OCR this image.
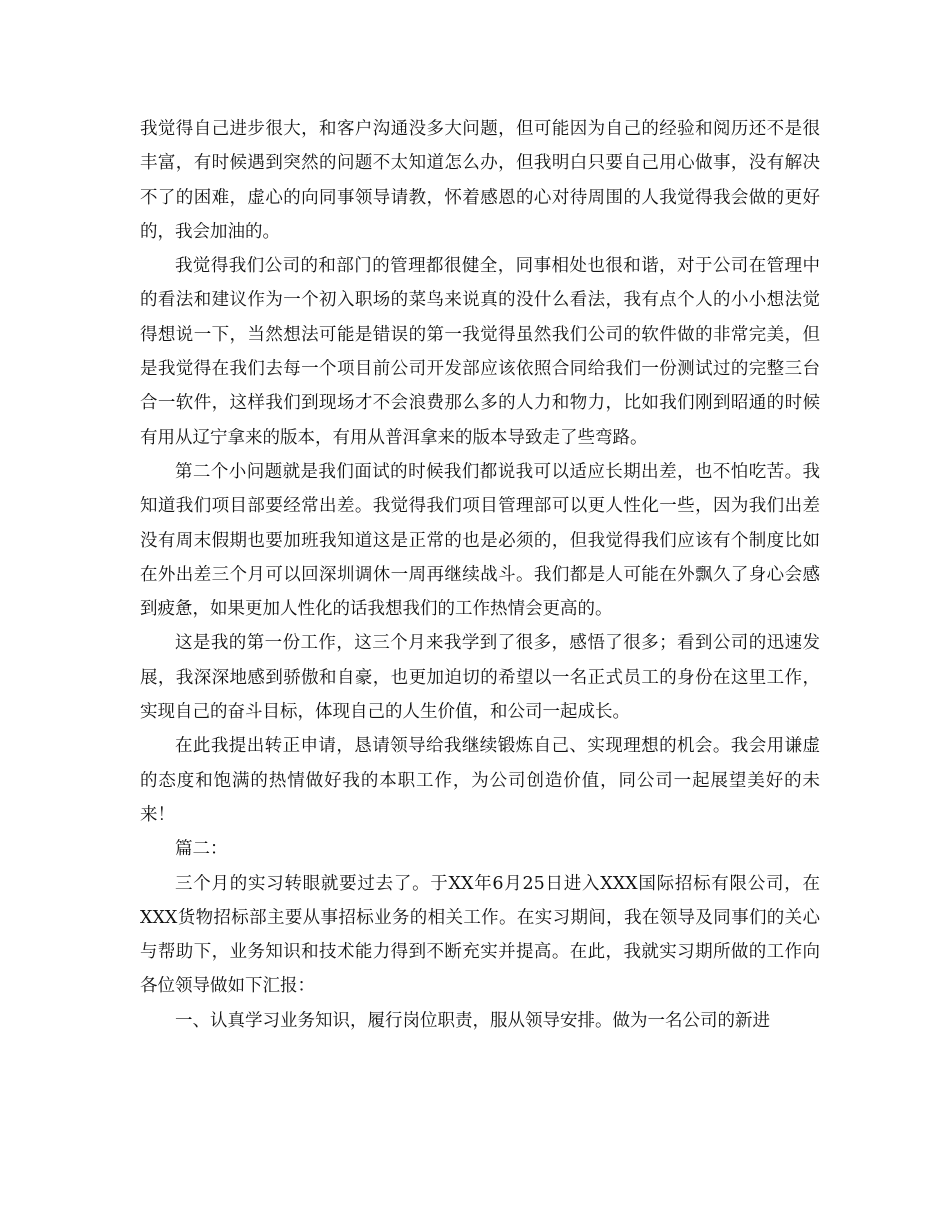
我觉得自己进步很大，和客户沟通没多大问题，但可能因为自己的经验和阅历还不是很丰富，有时候遇到突然的问题不太知道怎么办，但我明白只要自己用心做事，没有解决不了的困难，虚心的向同事领导请教，怀着感恩的心对待周围的人我觉得我会做的更好的，我会加油的。

我觉得我们公司的和部门的管理都很健全，同事相处也很和谐，对于公司在管理中的看法和建议作为一个初入职场的菜鸟来说真的没什么看法，我有点个人的小小想法觉得想说一下，当然想法可能是错误的第一我觉得虽然我们公司的软件做的非常完美，但是我觉得在我们去每一个项目前公司开发部应该依照合同给我们一份测试过的完整三台合一软件，这样我们到现场才不会浪费那么多的人力和物力，比如我们刚到昭通的时候有用从辽宁拿来的版本，有用从普洱拿来的版本导致走了些弯路。

第二个小问题就是我们面试的时候我们都说我可以适应长期出差，也不怕吃苦。我知道我们项目部要经常出差。我觉得我们项目管理部可以更人性化一些，因为我们出差没有周末假期也要加班我知道这是正常的也是必须的，但我觉得我们应该有个制度比如在外出差三个月可以回深圳调休一周再继续战斗。我们都是人可能在外飘久了身心会感到疲惫，如果更加人性化的话我想我们的工作热情会更高的。

这是我的第一份工作，这三个月来我学到了很多，感悟了很多；看到公司的迅速发展，我深深地感到骄傲和自豪，也更加迫切的希望以一名正式员工的身份在这里工作，实现自己的奋斗目标，体现自己的人生价值，和公司一起成长。

在此我提出转正申请，恳请领导给我继续锻炼自己、实现理想的机会。我会用谦虚的态度和饱满的热情做好我的本职工作，为公司创造价值，同公司一起展望美好的未来！

篇二：

三个月的实习转眼就要过去了。于XX年6月25日进入XXX国际招标有限公司，在XXX货物招标部主要从事招标业务的相关工作。在实习期间，我在领导及同事们的关心与帮助下，业务知识和技术能力得到不断充实并提高。在此，我就实习期所做的工作向各位领导做如下汇报：

一、认真学习业务知识，履行岗位职责，服从领导安排。做为一名公司的新进
